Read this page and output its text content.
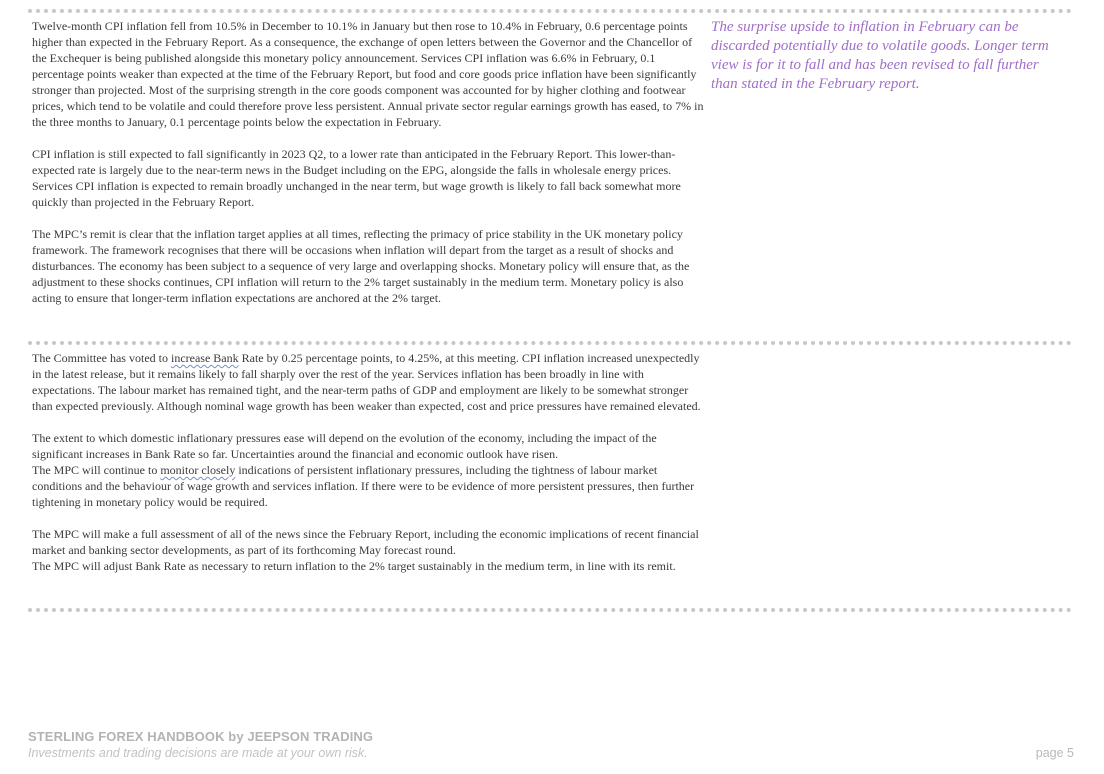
Twelve-month CPI inflation fell from 10.5% in December to 10.1% in January but then rose to 10.4% in February, 0.6 percentage points higher than expected in the February Report. As a consequence, the exchange of open letters between the Governor and the Chancellor of the Exchequer is being published alongside this monetary policy announcement. Services CPI inflation was 6.6% in February, 0.1 percentage points weaker than expected at the time of the February Report, but food and core goods price inflation have been significantly stronger than projected. Most of the surprising strength in the core goods component was accounted for by higher clothing and footwear prices, which tend to be volatile and could therefore prove less persistent. Annual private sector regular earnings growth has eased, to 7% in the three months to January, 0.1 percentage points below the expectation in February.

CPI inflation is still expected to fall significantly in 2023 Q2, to a lower rate than anticipated in the February Report. This lower-than-expected rate is largely due to the near-term news in the Budget including on the EPG, alongside the falls in wholesale energy prices. Services CPI inflation is expected to remain broadly unchanged in the near term, but wage growth is likely to fall back somewhat more quickly than projected in the February Report.

The MPC’s remit is clear that the inflation target applies at all times, reflecting the primacy of price stability in the UK monetary policy framework. The framework recognises that there will be occasions when inflation will depart from the target as a result of shocks and disturbances. The economy has been subject to a sequence of very large and overlapping shocks. Monetary policy will ensure that, as the adjustment to these shocks continues, CPI inflation will return to the 2% target sustainably in the medium term. Monetary policy is also acting to ensure that longer-term inflation expectations are anchored at the 2% target.

The surprise upside to inflation in February can be discarded potentially due to volatile goods. Longer term view is for it to fall and has been revised to fall further than stated in the February report.

The Committee has voted to increase Bank Rate by 0.25 percentage points, to 4.25%, at this meeting. CPI inflation increased unexpectedly in the latest release, but it remains likely to fall sharply over the rest of the year. Services inflation has been broadly in line with expectations. The labour market has remained tight, and the near-term paths of GDP and employment are likely to be somewhat stronger than expected previously. Although nominal wage growth has been weaker than expected, cost and price pressures have remained elevated.

The extent to which domestic inflationary pressures ease will depend on the evolution of the economy, including the impact of the significant increases in Bank Rate so far. Uncertainties around the financial and economic outlook have risen.

The MPC will continue to monitor closely indications of persistent inflationary pressures, including the tightness of labour market conditions and the behaviour of wage growth and services inflation. If there were to be evidence of more persistent pressures, then further tightening in monetary policy would be required.

The MPC will make a full assessment of all of the news since the February Report, including the economic implications of recent financial market and banking sector developments, as part of its forthcoming May forecast round.

The MPC will adjust Bank Rate as necessary to return inflation to the 2% target sustainably in the medium term, in line with its remit.

STERLING FOREX HANDBOOK by JEEPSON TRADING
Investments and trading decisions are made at your own risk.	page 5
